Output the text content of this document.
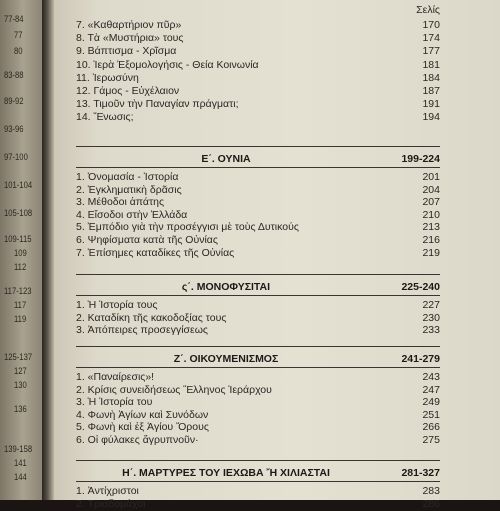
77-84
77
80
83-88
89-92
93-96
97-100
101-104
105-108
109-115
109
112
117-123
117
119
125-137
127
130
136
139-158
141
144
Σελίς
7. «Καθαρτήριον πῦρ»	170
8. Τὰ «Μυστήρια» τους	174
9. Βάπτισμα - Χρῖσμα	177
10. Ἱερὰ Ἐξομολογήσις - Θεία Κοινωνία	181
11. Ἱερωσύνη	184
12. Γάμος - Εὐχέλαιον	187
13. Τιμοῦν τὴν Παναγίαν πράγματι;	191
14. Ἕνωσις;	194
Ε΄. ΟΥΝΙΑ	199-224
1. Ὀνομασία - Ἱστορία	201
2. Ἐγκληματικὴ δρᾶσις	204
3. Μέθοδοι ἀπάτης	207
4. Εἴσοδοι στὴν Ἑλλάδα	210
5. Ἐμπόδιο γιὰ τὴν προσέγγισι μὲ τοὺς Δυτικούς	213
6. Ψηφίσματα κατὰ τῆς Οὐνίας	216
7. Ἐπίσημες καταδίκες τῆς Οὐνίας	219
ς΄. ΜΟΝΟΦΥΣΙΤΑΙ	225-240
1. Ἡ Ἱστορία τους	227
2. Καταδίκη τῆς κακοδοξίας τους	230
3. Ἀπόπειρες προσεγγίσεως	233
Ζ΄. ΟΙΚΟΥΜΕΝΙΣΜΟΣ	241-279
1. «Παναίρεσις»!	243
2. Κρίσις συνειδήσεως Ἕλληνος Ἱεράρχου	247
3. Ἡ Ἱστορία του	249
4. Φωνὴ Ἁγίων καὶ Συνόδων	251
5. Φωνὴ καὶ ἐξ Ἁγίου Ὄρους	266
6. Οἱ φύλακες ἄγρυπνοῦν·	275
Η΄. ΜΑΡΤΥΡΕΣ ΤΟΥ ΙΕΧΩΒΑ Ἤ ΧΙΛΙΑΣΤΑΙ	281-327
1. Ἀντίχριστοι	283
2. Τριαδομάχοι	286
